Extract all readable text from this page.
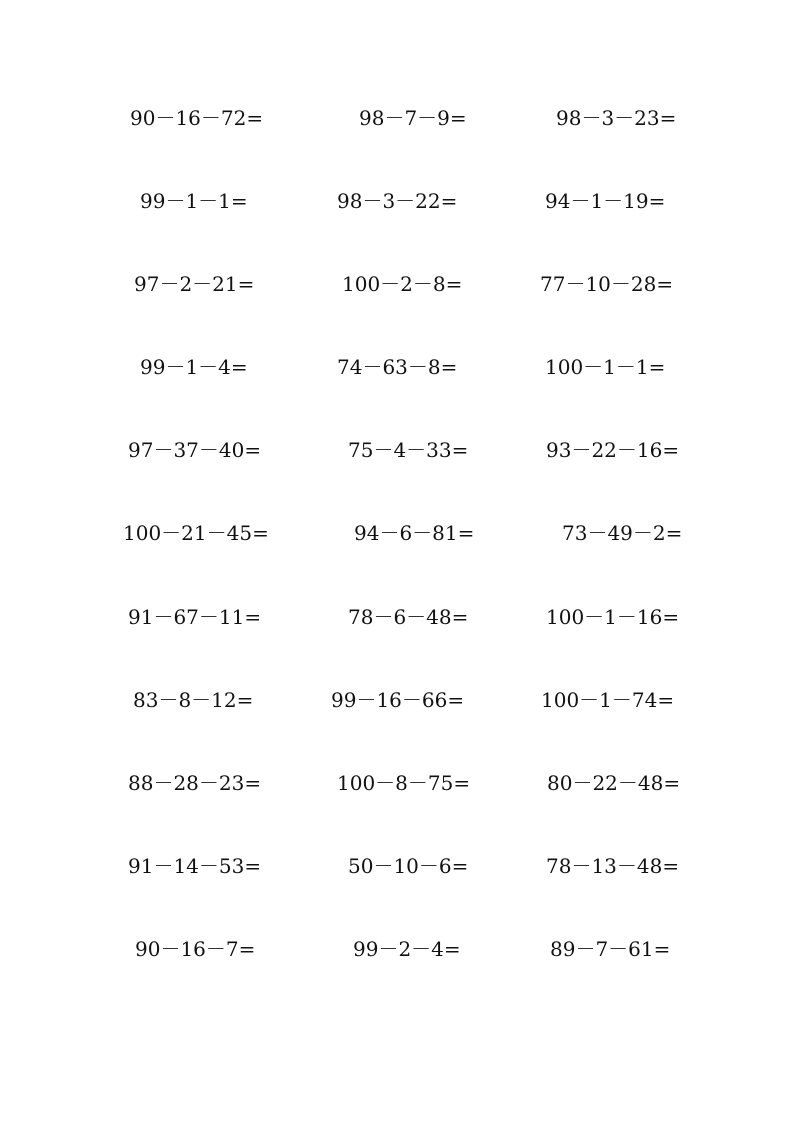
90－16－72=	98－7－9=	98－3－23=
99－1－1=	98－3－22=	94－1－19=
97－2－21=	100－2－8=	77－10－28=
99－1－4=	74－63－8=	100－1－1=
97－37－40=	75－4－33=	93－22－16=
100－21－45=	94－6－81=	73－49－2=
91－67－11=	78－6－48=	100－1－16=
83－8－12=	99－16－66=	100－1－74=
88－28－23=	100－8－75=	80－22－48=
91－14－53=	50－10－6=	78－13－48=
90－16－7=	99－2－4=	89－7－61=
